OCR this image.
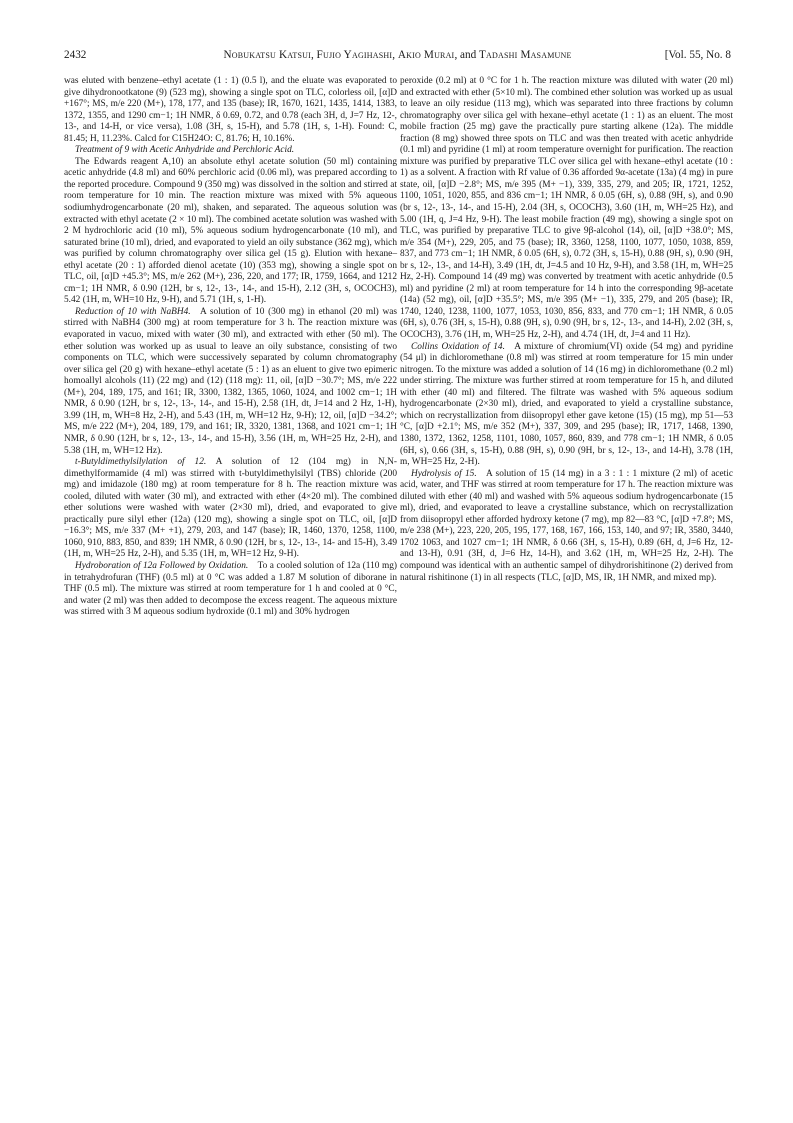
2432	Nobukatsu Katsui, Fujio Yagihashi, Akio Murai, and Tadashi Masamune	[Vol. 55, No. 8

was eluted with benzene–ethyl acetate (1 : 1) (0.5 l), and the eluate was evaporated to give dihydronootkatone (9) (523 mg), showing a single spot on TLC, colorless oil, [α]D +167°; MS, m/e 220 (M+), 178, 177, and 135 (base); IR, 1670, 1621, 1435, 1414, 1383, 1372, 1355, and 1290 cm−1; 1H NMR, δ 0.69, 0.72, and 0.78 (each 3H, d, J=7 Hz, 12-, 13-, and 14-H, or vice versa), 1.08 (3H, s, 15-H), and 5.78 (1H, s, 1-H). Found: C, 81.45; H, 11.23%. Calcd for C15H24O: C, 81.76; H, 10.16%.

Treatment of 9 with Acetic Anhydride and Perchloric Acid.

The Edwards reagent A,10) an absolute ethyl acetate solution (50 ml) containing acetic anhydride (4.8 ml) and 60% perchloric acid (0.06 ml), was prepared according to the reported procedure. Compound 9 (350 mg) was dissolved in the soltion and stirred at room temperature for 10 min. The reaction mixture was mixed with 5% aqueous sodiumhydrogencarbonate (20 ml), shaken, and separated. The aqueous solution was extracted with ethyl acetate (2 × 10 ml). The combined acetate solution was washed with 2 M hydrochloric acid (10 ml), 5% aqueous sodium hydrogencarbonate (10 ml), and saturated brine (10 ml), dried, and evaporated to yield an oily substance (362 mg), which was purified by column chromatography over silica gel (15 g). Elution with hexane–ethyl acetate (20 : 1) afforded dienol acetate (10) (353 mg), showing a single spot on TLC, oil, [α]D +45.3°; MS, m/e 262 (M+), 236, 220, and 177; IR, 1759, 1664, and 1212 cm−1; 1H NMR, δ 0.90 (12H, br s, 12-, 13-, 14-, and 15-H), 2.12 (3H, s, OCOCH3), 5.42 (1H, m, WH=10 Hz, 9-H), and 5.71 (1H, s, 1-H).

Reduction of 10 with NaBH4.  A solution of 10 (300 mg) in ethanol (20 ml) was stirred with NaBH4 (300 mg) at room temperature for 3 h. The reaction mixture was evaporated in vacuo, mixed with water (30 ml), and extracted with ether (50 ml). The ether solution was worked up as usual to leave an oily substance, consisting of two components on TLC, which were successively separated by column chromatography over silica gel (20 g) with hexane–ethyl acetate (5 : 1) as an eluent to give two epimeric homoallyl alcohols (11) (22 mg) and (12) (118 mg): 11, oil, [α]D −30.7°; MS, m/e 222 (M+), 204, 189, 175, and 161; IR, 3300, 1382, 1365, 1060, 1024, and 1002 cm−1; 1H NMR, δ 0.90 (12H, br s, 12-, 13-, 14-, and 15-H), 2.58 (1H, dt, J=14 and 2 Hz, 1-H), 3.99 (1H, m, WH=8 Hz, 2-H), and 5.43 (1H, m, WH=12 Hz, 9-H); 12, oil, [α]D −34.2°; MS, m/e 222 (M+), 204, 189, 179, and 161; IR, 3320, 1381, 1368, and 1021 cm−1; 1H NMR, δ 0.90 (12H, br s, 12-, 13-, 14-, and 15-H), 3.56 (1H, m, WH=25 Hz, 2-H), and 5.38 (1H, m, WH=12 Hz).

t-Butyldimethylsilylation of 12.  A solution of 12 (104 mg) in N,N-dimethylformamide (4 ml) was stirred with t-butyldimethylsilyl (TBS) chloride (200 mg) and imidazole (180 mg) at room temperature for 8 h. The reaction mixture was cooled, diluted with water (30 ml), and extracted with ether (4×20 ml). The combined ether solutions were washed with water (2×30 ml), dried, and evaporated to give practically pure silyl ether (12a) (120 mg), showing a single spot on TLC, oil, [α]D −16.3°; MS, m/e 337 (M+ +1), 279, 203, and 147 (base); IR, 1460, 1370, 1258, 1100, 1060, 910, 883, 850, and 839; 1H NMR, δ 0.90 (12H, br s, 12-, 13-, 14- and 15-H), 3.49 (1H, m, WH=25 Hz, 2-H), and 5.35 (1H, m, WH=12 Hz, 9-H).

Hydroboration of 12a Followed by Oxidation.  To a cooled solution of 12a (110 mg) in tetrahydrofuran (THF) (0.5 ml) at 0 °C was added a 1.87 M solution of diborane in THF (0.5 ml). The mixture was stirred at room temperature for 1 h and cooled at 0 °C, and water (2 ml) was then added to decompose the excess reagent. The aqueous mixture was stirred with 3 M aqueous sodium hydroxide (0.1 ml) and 30% hydrogen

peroxide (0.2 ml) at 0 °C for 1 h. The reaction mixture was diluted with water (20 ml) and extracted with ether (5×10 ml). The combined ether solution was worked up as usual to leave an oily residue (113 mg), which was separated into three fractions by column chromatography over silica gel with hexane–ethyl acetate (1 : 1) as an eluent. The most mobile fraction (25 mg) gave the practically pure starting alkene (12a). The middle fraction (8 mg) showed three spots on TLC and was then treated with acetic anhydride (0.1 ml) and pyridine (1 ml) at room temperature overnight for purification. The reaction mixture was purified by preparative TLC over silica gel with hexane–ethyl acetate (10 : 1) as a solvent. A fraction with Rf value of 0.36 afforded 9α-acetate (13a) (4 mg) in pure state, oil, [α]D −2.8°; MS, m/e 395 (M+ −1), 339, 335, 279, and 205; IR, 1721, 1252, 1100, 1051, 1020, 855, and 836 cm−1; 1H NMR, δ 0.05 (6H, s), 0.88 (9H, s), and 0.90 (br s, 12-, 13-, 14-, and 15-H), 2.04 (3H, s, OCOCH3), 3.60 (1H, m, WH=25 Hz), and 5.00 (1H, q, J=4 Hz, 9-H). The least mobile fraction (49 mg), showing a single spot on TLC, was purified by preparative TLC to give 9β-alcohol (14), oil, [α]D +38.0°; MS, m/e 354 (M+), 229, 205, and 75 (base); IR, 3360, 1258, 1100, 1077, 1050, 1038, 859, 837, and 773 cm−1; 1H NMR, δ 0.05 (6H, s), 0.72 (3H, s, 15-H), 0.88 (9H, s), 0.90 (9H, br s, 12-, 13-, and 14-H), 3.49 (1H, dt, J=4.5 and 10 Hz, 9-H), and 3.58 (1H, m, WH=25 Hz, 2-H). Compound 14 (49 mg) was converted by treatment with acetic anhydride (0.5 ml) and pyridine (2 ml) at room temperature for 14 h into the corresponding 9β-acetate (14a) (52 mg), oil, [α]D +35.5°; MS, m/e 395 (M+ −1), 335, 279, and 205 (base); IR, 1740, 1240, 1238, 1100, 1077, 1053, 1030, 856, 833, and 770 cm−1; 1H NMR, δ 0.05 (6H, s), 0.76 (3H, s, 15-H), 0.88 (9H, s), 0.90 (9H, br s, 12-, 13-, and 14-H), 2.02 (3H, s, OCOCH3), 3.76 (1H, m, WH=25 Hz, 2-H), and 4.74 (1H, dt, J=4 and 11 Hz).

Collins Oxidation of 14.  A mixture of chromium(VI) oxide (54 mg) and pyridine (54 μl) in dichloromethane (0.8 ml) was stirred at room temperature for 15 min under nitrogen. To the mixture was added a solution of 14 (16 mg) in dichloromethane (0.2 ml) under stirring. The mixture was further stirred at room temperature for 15 h, and diluted with ether (40 ml) and filtered. The filtrate was washed with 5% aqueous sodium hydrogencarbonate (2×30 ml), dried, and evaporated to yield a crystalline substance, which on recrystallization from diisopropyl ether gave ketone (15) (15 mg), mp 51—53 °C, [α]D +2.1°; MS, m/e 352 (M+), 337, 309, and 295 (base); IR, 1717, 1468, 1390, 1380, 1372, 1362, 1258, 1101, 1080, 1057, 860, 839, and 778 cm−1; 1H NMR, δ 0.05 (6H, s), 0.66 (3H, s, 15-H), 0.88 (9H, s), 0.90 (9H, br s, 12-, 13-, and 14-H), 3.78 (1H, m, WH=25 Hz, 2-H).

Hydrolysis of 15.  A solution of 15 (14 mg) in a 3 : 1 : 1 mixture (2 ml) of acetic acid, water, and THF was stirred at room temperature for 17 h. The reaction mixture was diluted with ether (40 ml) and washed with 5% aqueous sodium hydrogencarbonate (15 ml), dried, and evaporated to leave a crystalline substance, which on recrystallization from diisopropyl ether afforded hydroxy ketone (7 mg), mp 82—83 °C, [α]D +7.8°; MS, m/e 238 (M+), 223, 220, 205, 195, 177, 168, 167, 166, 153, 140, and 97; IR, 3580, 3440, 1702 1063, and 1027 cm−1; 1H NMR, δ 0.66 (3H, s, 15-H), 0.89 (6H, d, J=6 Hz, 12- and 13-H), 0.91 (3H, d, J=6 Hz, 14-H), and 3.62 (1H, m, WH=25 Hz, 2-H). The compound was identical with an authentic sampel of dihydrorishitinone (2) derived from natural rishitinone (1) in all respects (TLC, [α]D, MS, IR, 1H NMR, and mixed mp).
